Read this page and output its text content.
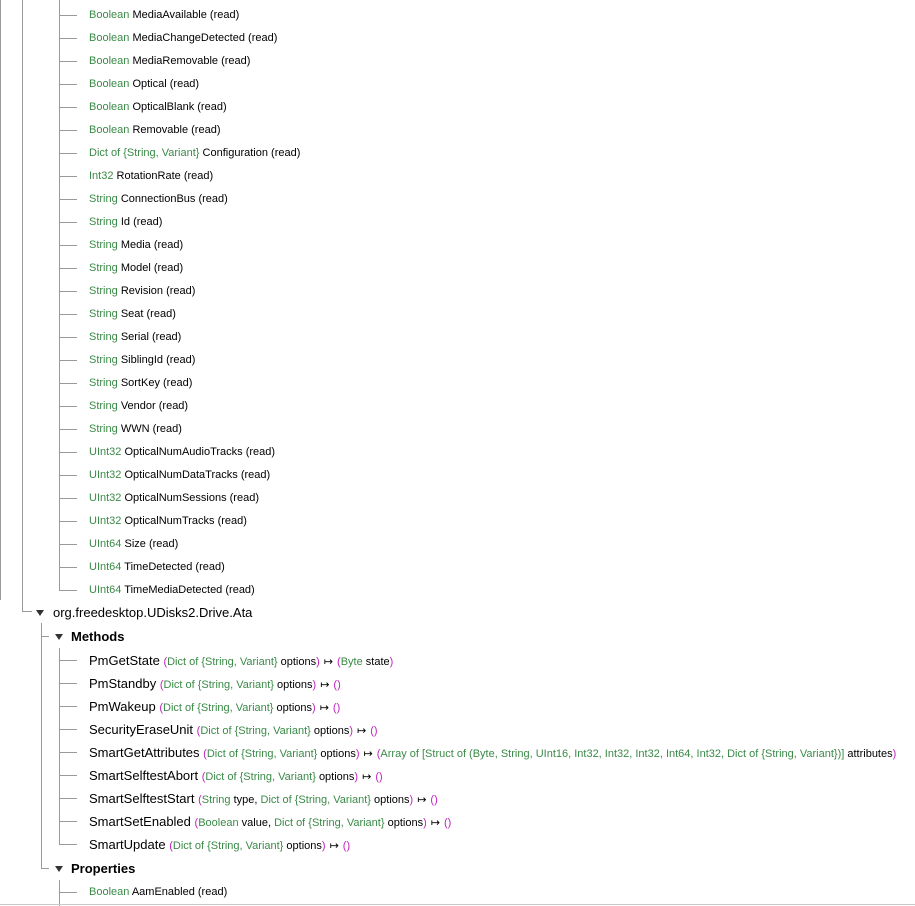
Boolean MediaAvailable (read)
Boolean MediaChangeDetected (read)
Boolean MediaRemovable (read)
Boolean Optical (read)
Boolean OpticalBlank (read)
Boolean Removable (read)
Dict of {String, Variant} Configuration (read)
Int32 RotationRate (read)
String ConnectionBus (read)
String Id (read)
String Media (read)
String Model (read)
String Revision (read)
String Seat (read)
String Serial (read)
String SiblingId (read)
String SortKey (read)
String Vendor (read)
String WWN (read)
UInt32 OpticalNumAudioTracks (read)
UInt32 OpticalNumDataTracks (read)
UInt32 OpticalNumSessions (read)
UInt32 OpticalNumTracks (read)
UInt64 Size (read)
UInt64 TimeDetected (read)
UInt64 TimeMediaDetected (read)
org.freedesktop.UDisks2.Drive.Ata
Methods
PmGetState (Dict of {String, Variant} options) ↦ (Byte state)
PmStandby (Dict of {String, Variant} options) ↦ ()
PmWakeup (Dict of {String, Variant} options) ↦ ()
SecurityEraseUnit (Dict of {String, Variant} options) ↦ ()
SmartGetAttributes (Dict of {String, Variant} options) ↦ (Array of [Struct of (Byte, String, UInt16, Int32, Int32, Int32, Int64, Int32, Dict of {String, Variant})] attributes)
SmartSelftestAbort (Dict of {String, Variant} options) ↦ ()
SmartSelftestStart (String type, Dict of {String, Variant} options) ↦ ()
SmartSetEnabled (Boolean value, Dict of {String, Variant} options) ↦ ()
SmartUpdate (Dict of {String, Variant} options) ↦ ()
Properties
Boolean AamEnabled (read)
